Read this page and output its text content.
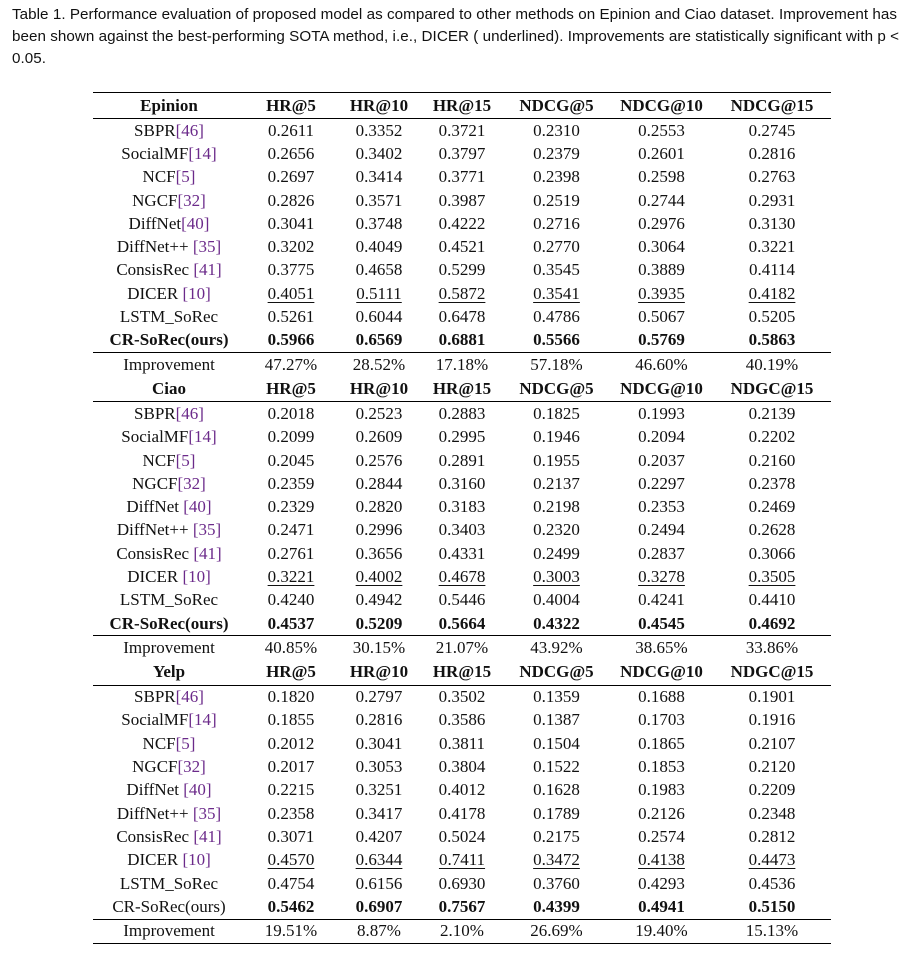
Table 1. Performance evaluation of proposed model as compared to other methods on Epinion and Ciao dataset. Improvement has been shown against the best-performing SOTA method, i.e., DICER ( underlined). Improvements are statistically significant with p < 0.05.
Epinion	HR@5	HR@10	HR@15	NDCG@5	NDCG@10	NDCG@15
SBPR[46]	0.2611	0.3352	0.3721	0.2310	0.2553	0.2745
SocialMF[14]	0.2656	0.3402	0.3797	0.2379	0.2601	0.2816
NCF[5]	0.2697	0.3414	0.3771	0.2398	0.2598	0.2763
NGCF[32]	0.2826	0.3571	0.3987	0.2519	0.2744	0.2931
DiffNet[40]	0.3041	0.3748	0.4222	0.2716	0.2976	0.3130
DiffNet++ [35]	0.3202	0.4049	0.4521	0.2770	0.3064	0.3221
ConsisRec [41]	0.3775	0.4658	0.5299	0.3545	0.3889	0.4114
DICER [10]	0.4051	0.5111	0.5872	0.3541	0.3935	0.4182
LSTM_SoRec	0.5261	0.6044	0.6478	0.4786	0.5067	0.5205
CR-SoRec(ours)	0.5966	0.6569	0.6881	0.5566	0.5769	0.5863
Improvement	47.27%	28.52%	17.18%	57.18%	46.60%	40.19%
Ciao	HR@5	HR@10	HR@15	NDCG@5	NDCG@10	NDGC@15
SBPR[46]	0.2018	0.2523	0.2883	0.1825	0.1993	0.2139
SocialMF[14]	0.2099	0.2609	0.2995	0.1946	0.2094	0.2202
NCF[5]	0.2045	0.2576	0.2891	0.1955	0.2037	0.2160
NGCF[32]	0.2359	0.2844	0.3160	0.2137	0.2297	0.2378
DiffNet [40]	0.2329	0.2820	0.3183	0.2198	0.2353	0.2469
DiffNet++ [35]	0.2471	0.2996	0.3403	0.2320	0.2494	0.2628
ConsisRec [41]	0.2761	0.3656	0.4331	0.2499	0.2837	0.3066
DICER [10]	0.3221	0.4002	0.4678	0.3003	0.3278	0.3505
LSTM_SoRec	0.4240	0.4942	0.5446	0.4004	0.4241	0.4410
CR-SoRec(ours)	0.4537	0.5209	0.5664	0.4322	0.4545	0.4692
Improvement	40.85%	30.15%	21.07%	43.92%	38.65%	33.86%
Yelp	HR@5	HR@10	HR@15	NDCG@5	NDCG@10	NDGC@15
SBPR[46]	0.1820	0.2797	0.3502	0.1359	0.1688	0.1901
SocialMF[14]	0.1855	0.2816	0.3586	0.1387	0.1703	0.1916
NCF[5]	0.2012	0.3041	0.3811	0.1504	0.1865	0.2107
NGCF[32]	0.2017	0.3053	0.3804	0.1522	0.1853	0.2120
DiffNet [40]	0.2215	0.3251	0.4012	0.1628	0.1983	0.2209
DiffNet++ [35]	0.2358	0.3417	0.4178	0.1789	0.2126	0.2348
ConsisRec [41]	0.3071	0.4207	0.5024	0.2175	0.2574	0.2812
DICER [10]	0.4570	0.6344	0.7411	0.3472	0.4138	0.4473
LSTM_SoRec	0.4754	0.6156	0.6930	0.3760	0.4293	0.4536
CR-SoRec(ours)	0.5462	0.6907	0.7567	0.4399	0.4941	0.5150
Improvement	19.51%	8.87%	2.10%	26.69%	19.40%	15.13%
